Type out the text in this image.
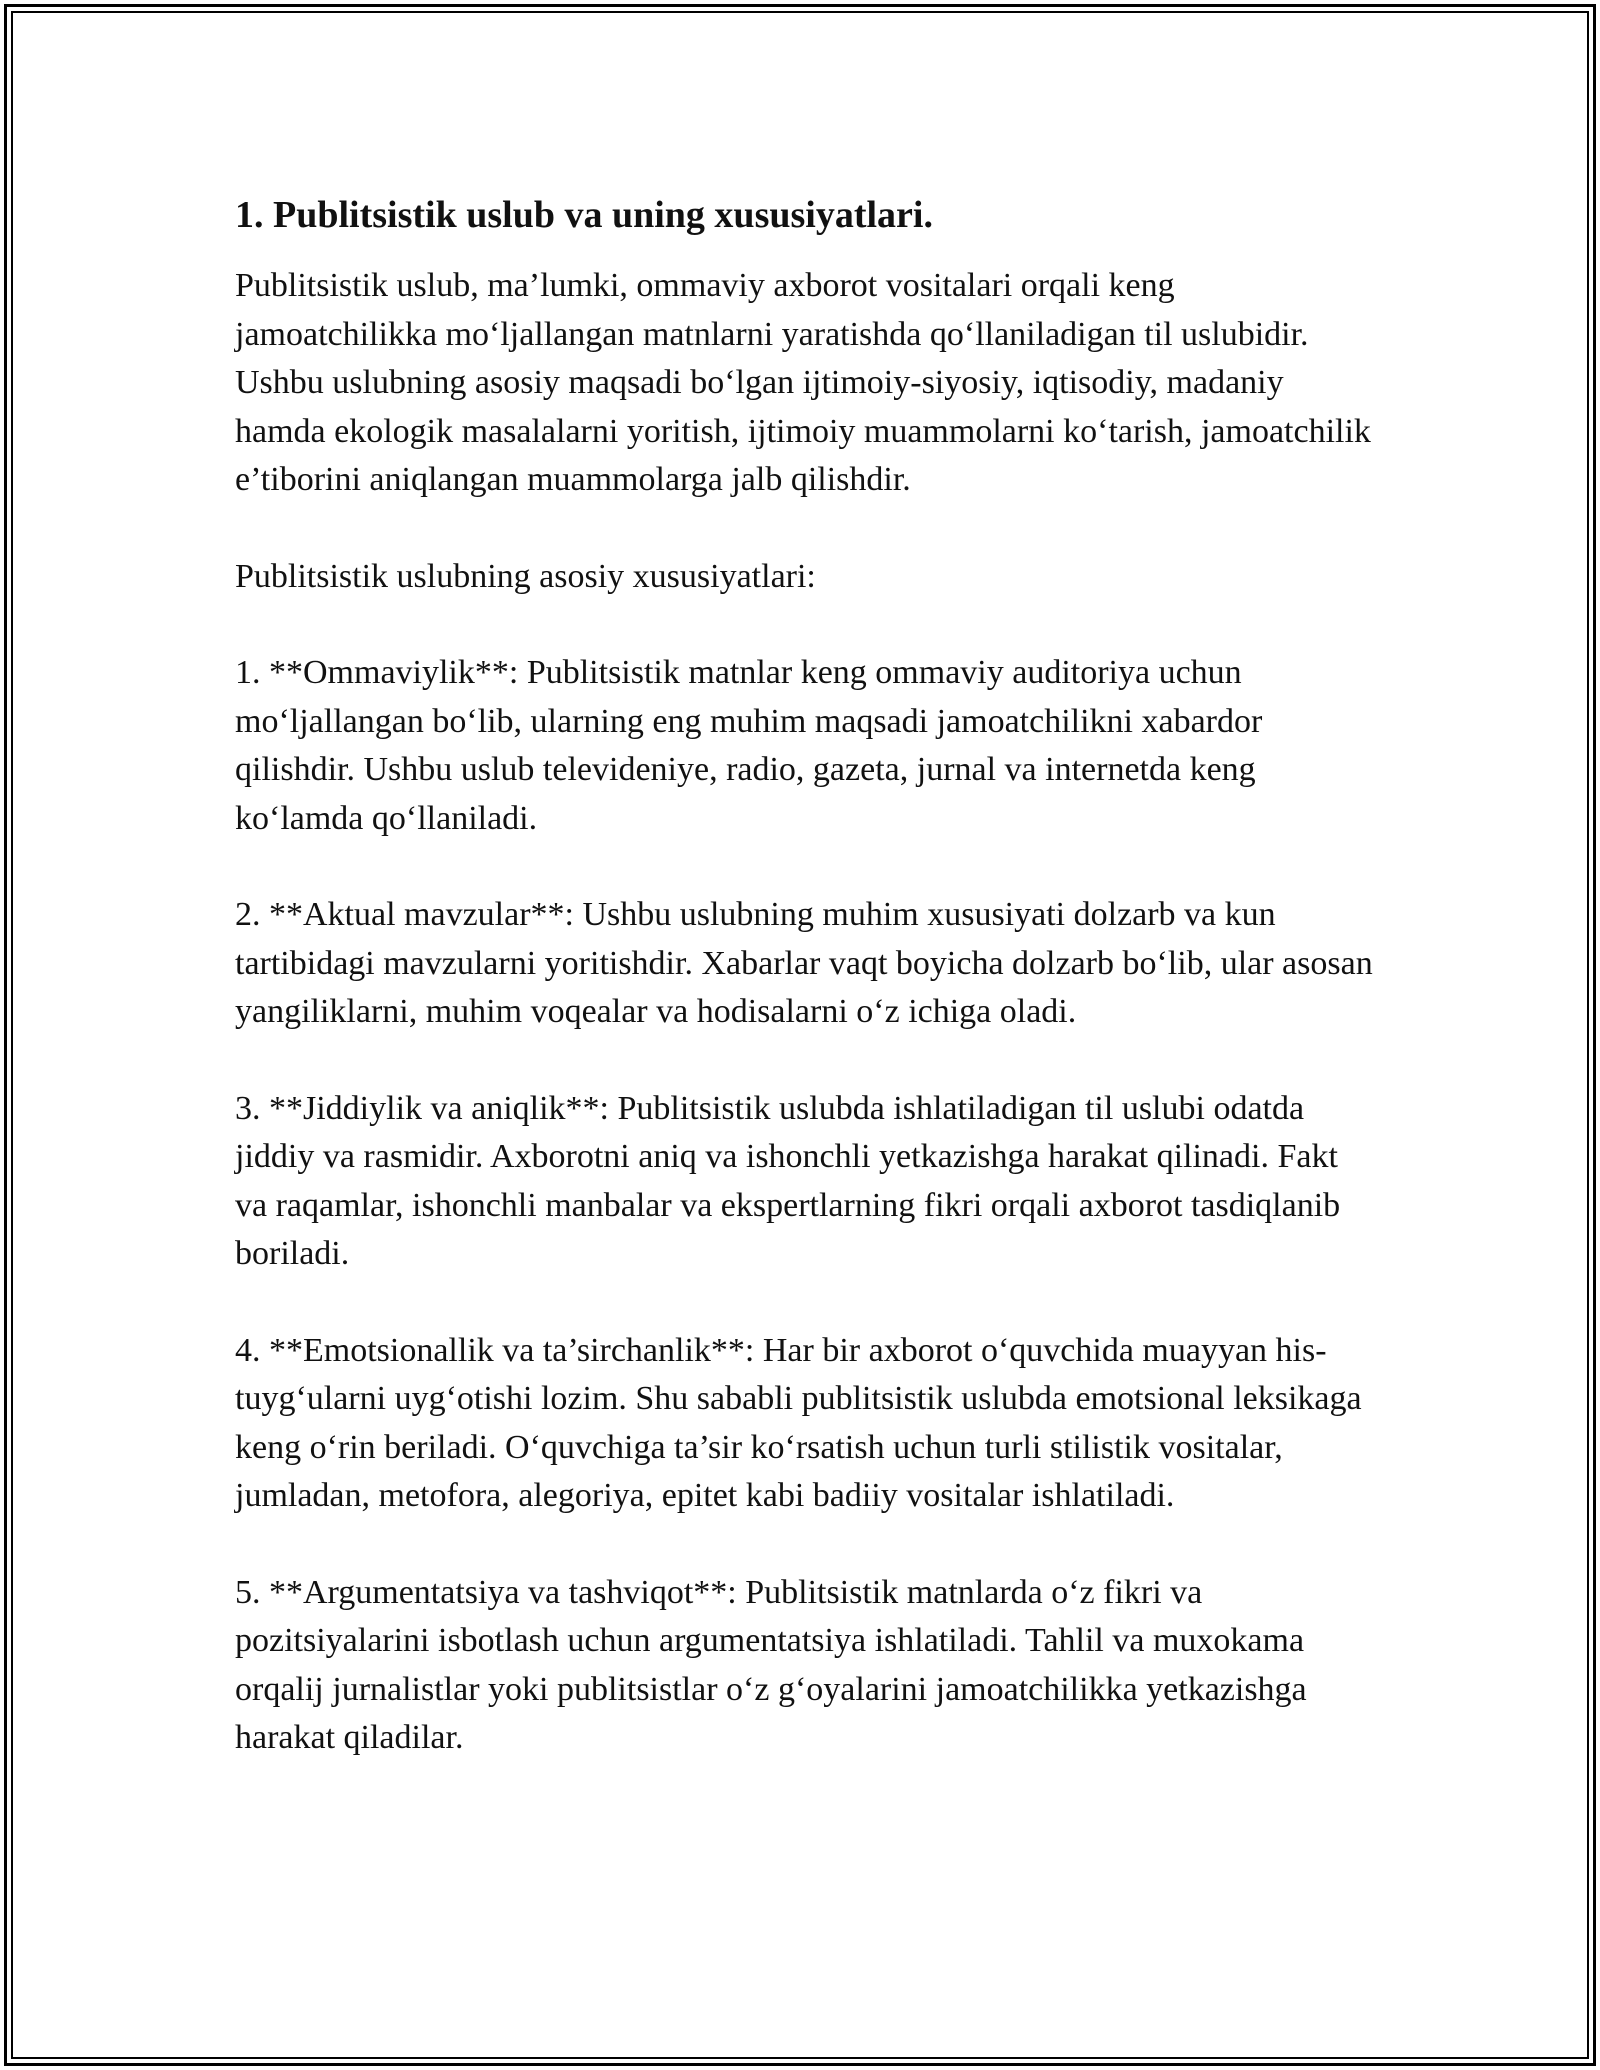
1. Publitsistik uslub va uning xususiyatlari.

Publitsistik uslub, ma’lumki, ommaviy axborot vositalari orqali keng jamoatchilikka moʻljallangan matnlarni yaratishda qoʻllaniladigan til uslubidir. Ushbu uslubning asosiy maqsadi boʻlgan ijtimoiy-siyosiy, iqtisodiy, madaniy hamda ekologik masalalarni yoritish, ijtimoiy muammolarni koʻtarish, jamoatchilik e’tiborini aniqlangan muammolarga jalb qilishdir.

Publitsistik uslubning asosiy xususiyatlari:

1. **Ommaviylik**: Publitsistik matnlar keng ommaviy auditoriya uchun moʻljallangan boʻlib, ularning eng muhim maqsadi jamoatchilikni xabardor qilishdir. Ushbu uslub televideniye, radio, gazeta, jurnal va internetda keng koʻlamda qoʻllaniladi.

2. **Aktual mavzular**: Ushbu uslubning muhim xususiyati dolzarb va kun tartibidagi mavzularni yoritishdir. Xabarlar vaqt boyicha dolzarb boʻlib, ular asosan yangiliklarni, muhim voqealar va hodisalarni oʻz ichiga oladi.

3. **Jiddiylik va aniqlik**: Publitsistik uslubda ishlatiladigan til uslubi odatda jiddiy va rasmidir. Axborotni aniq va ishonchli yetkazishga harakat qilinadi. Fakt va raqamlar, ishonchli manbalar va ekspertlarning fikri orqali axborot tasdiqlanib boriladi.

4. **Emotsionallik va ta’sirchanlik**: Har bir axborot oʻquvchida muayyan his-tuygʻularni uygʻotishi lozim. Shu sababli publitsistik uslubda emotsional leksikaga keng oʻrin beriladi. Oʻquvchiga ta’sir koʻrsatish uchun turli stilistik vositalar, jumladan, metofora, alegoriya, epitet kabi badiiy vositalar ishlatiladi.

5. **Argumentatsiya va tashviqot**: Publitsistik matnlarda oʻz fikri va pozitsiyalarini isbotlash uchun argumentatsiya ishlatiladi. Tahlil va muxokama orqalij jurnalistlar yoki publitsistlar oʻz gʻoyalarini jamoatchilikka yetkazishga harakat qiladilar.
